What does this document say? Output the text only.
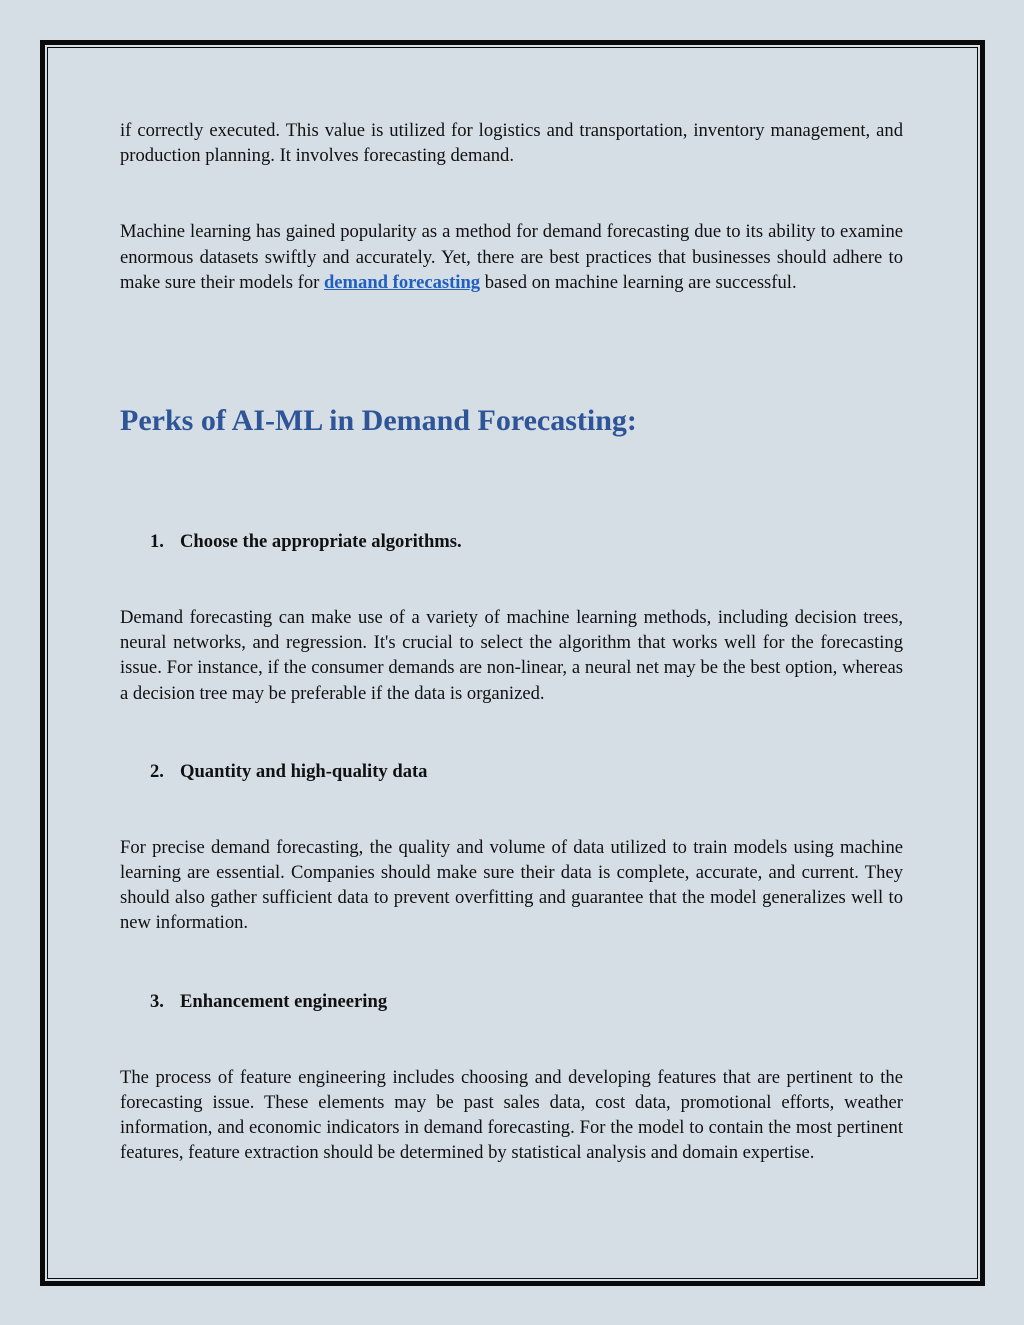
if correctly executed. This value is utilized for logistics and transportation, inventory management, and production planning. It involves forecasting demand.

Machine learning has gained popularity as a method for demand forecasting due to its ability to examine enormous datasets swiftly and accurately. Yet, there are best practices that businesses should adhere to make sure their models for demand forecasting based on machine learning are successful.

Perks of AI-ML in Demand Forecasting:
1. Choose the appropriate algorithms.

Demand forecasting can make use of a variety of machine learning methods, including decision trees, neural networks, and regression. It's crucial to select the algorithm that works well for the forecasting issue. For instance, if the consumer demands are non-linear, a neural net may be the best option, whereas a decision tree may be preferable if the data is organized.

2. Quantity and high-quality data

For precise demand forecasting, the quality and volume of data utilized to train models using machine learning are essential. Companies should make sure their data is complete, accurate, and current. They should also gather sufficient data to prevent overfitting and guarantee that the model generalizes well to new information.

3. Enhancement engineering

The process of feature engineering includes choosing and developing features that are pertinent to the forecasting issue. These elements may be past sales data, cost data, promotional efforts, weather information, and economic indicators in demand forecasting. For the model to contain the most pertinent features, feature extraction should be determined by statistical analysis and domain expertise.
